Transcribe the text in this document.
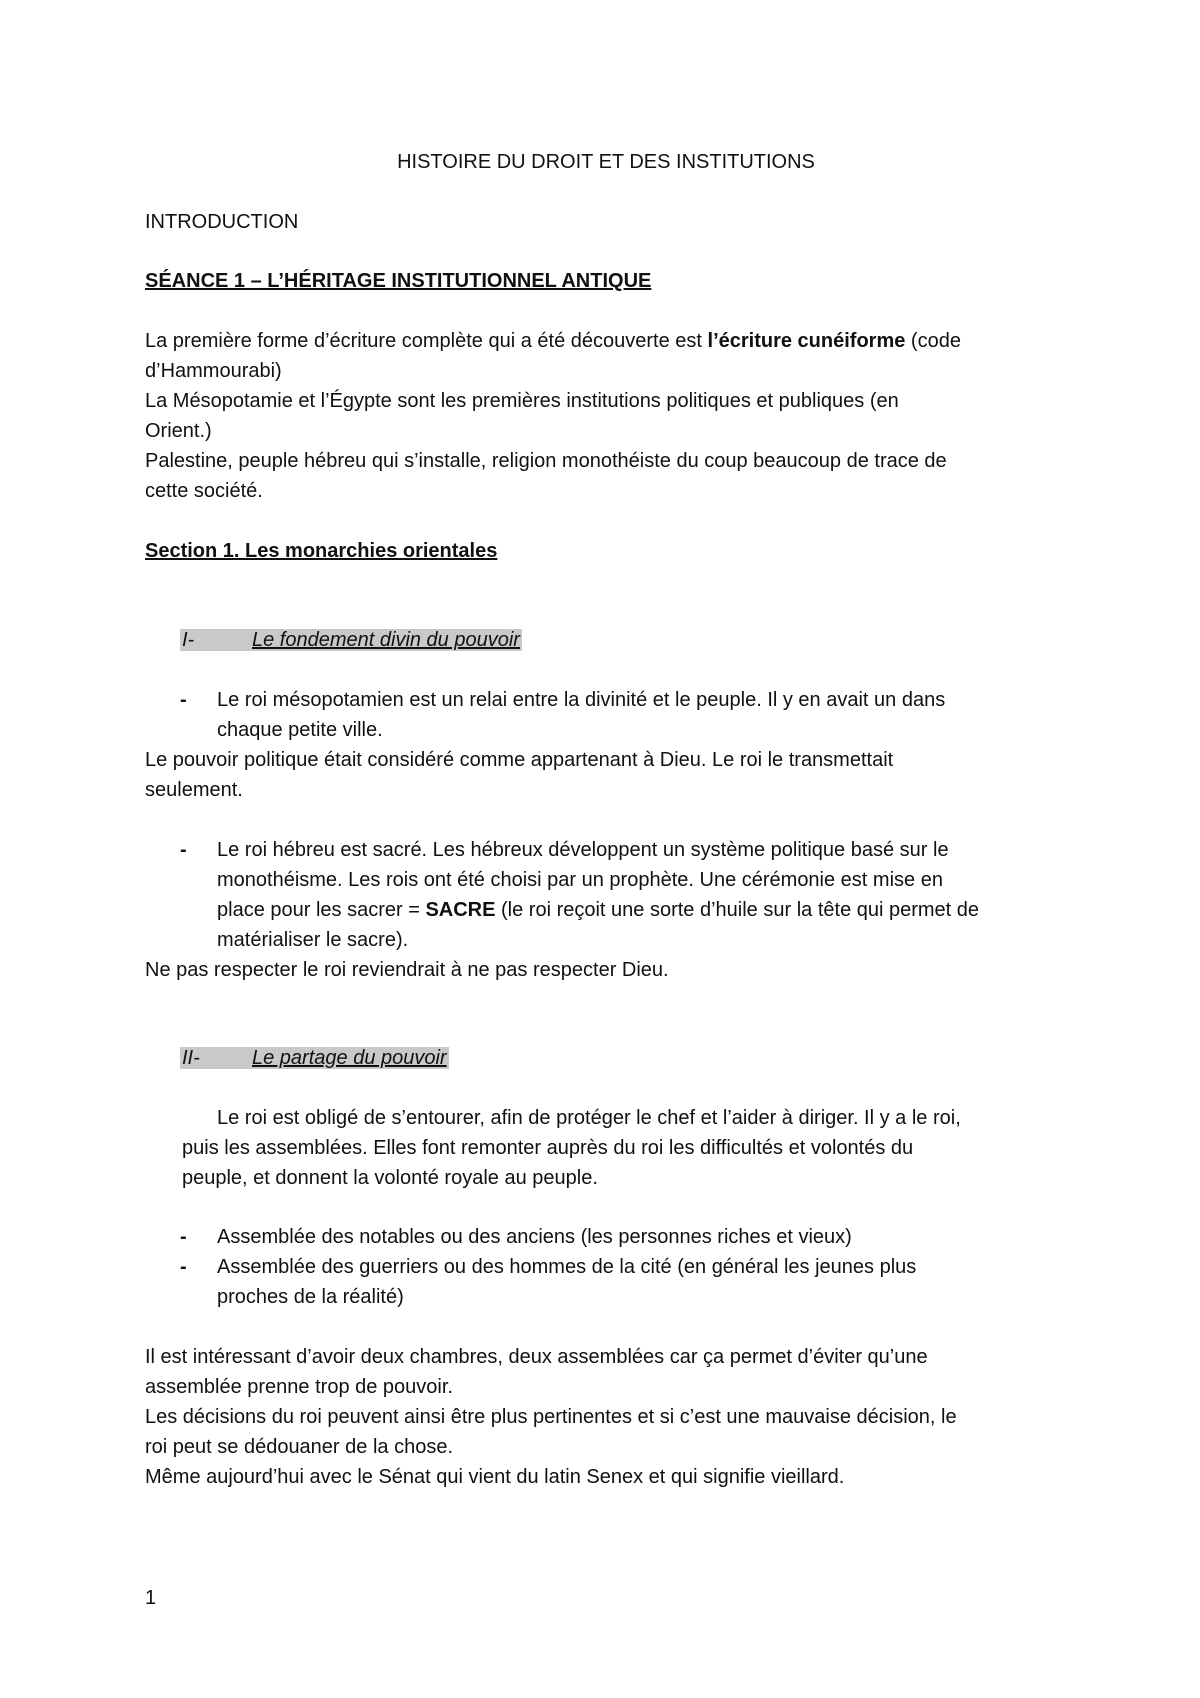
HISTOIRE DU DROIT ET DES INSTITUTIONS
INTRODUCTION
SÉANCE 1 – L’HÉRITAGE INSTITUTIONNEL ANTIQUE
La première forme d’écriture complète qui a été découverte est l’écriture cunéiforme (code
d’Hammourabi)
La Mésopotamie et l’Égypte sont les premières institutions politiques et publiques (en
Orient.)
Palestine, peuple hébreu qui s’installe, religion monothéiste du coup beaucoup de trace de
cette société.
Section 1. Les monarchies orientales
I-	Le fondement divin du pouvoir
- Le roi mésopotamien est un relai entre la divinité et le peuple. Il y en avait un dans
chaque petite ville.
Le pouvoir politique était considéré comme appartenant à Dieu. Le roi le transmettait
seulement.
- Le roi hébreu est sacré. Les hébreux développent un système politique basé sur le
monothéisme. Les rois ont été choisi par un prophète. Une cérémonie est mise en
place pour les sacrer = SACRE (le roi reçoit une sorte d’huile sur la tête qui permet de
matérialiser le sacre).
Ne pas respecter le roi reviendrait à ne pas respecter Dieu.
II-	Le partage du pouvoir
Le roi est obligé de s’entourer, afin de protéger le chef et l’aider à diriger. Il y a le roi,
puis les assemblées. Elles font remonter auprès du roi les difficultés et volontés du
peuple, et donnent la volonté royale au peuple.
- Assemblée des notables ou des anciens (les personnes riches et vieux)
- Assemblée des guerriers ou des hommes de la cité (en général les jeunes plus
proches de la réalité)
Il est intéressant d’avoir deux chambres, deux assemblées car ça permet d’éviter qu’une
assemblée prenne trop de pouvoir.
Les décisions du roi peuvent ainsi être plus pertinentes et si c’est une mauvaise décision, le
roi peut se dédouaner de la chose.
Même aujourd’hui avec le Sénat qui vient du latin Senex et qui signifie vieillard.
1
